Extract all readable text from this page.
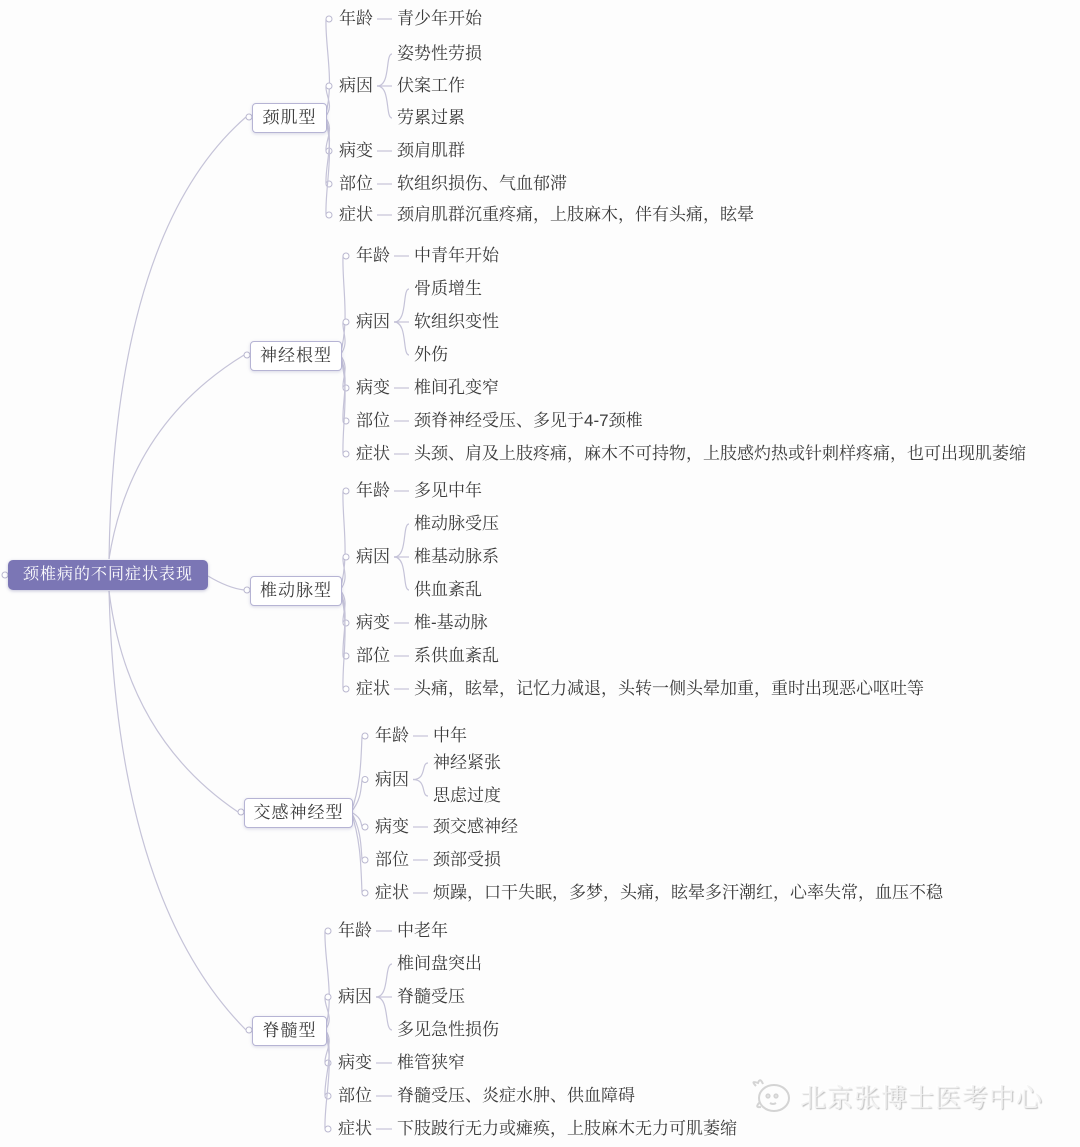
颈肌型
年龄 青少年开始
病因
姿势性劳损
伏案工作
劳累过累
病变 颈肩肌群
部位 软组织损伤、气血郁滞
症状 颈肩肌群沉重疼痛，上肢麻木，伴有头痛，眩晕
神经根型
年龄 中青年开始
病因
骨质增生
软组织变性
外伤
病变 椎间孔变窄
部位 颈脊神经受压、多见于4-7颈椎
症状 头颈、肩及上肢疼痛，麻木不可持物，上肢感灼热或针刺样疼痛，也可出现肌萎缩
椎动脉型
年龄 多见中年
病因
椎动脉受压
椎基动脉系
供血紊乱
病变 椎-基动脉
部位 系供血紊乱
症状 头痛，眩晕，记忆力减退，头转一侧头晕加重，重时出现恶心呕吐等
交感神经型
年龄 中年
病因
神经紧张
思虑过度
病变 颈交感神经
部位 颈部受损
症状 烦躁，口干失眠，多梦，头痛，眩晕多汗潮红，心率失常，血压不稳
脊髓型
年龄 中老年
病因
椎间盘突出
脊髓受压
多见急性损伤
病变 椎管狭窄
部位 脊髓受压、炎症水肿、供血障碍
症状 下肢跛行无力或瘫痪，上肢麻木无力可肌萎缩
颈椎病的不同症状表现
北京张博士医考中心
